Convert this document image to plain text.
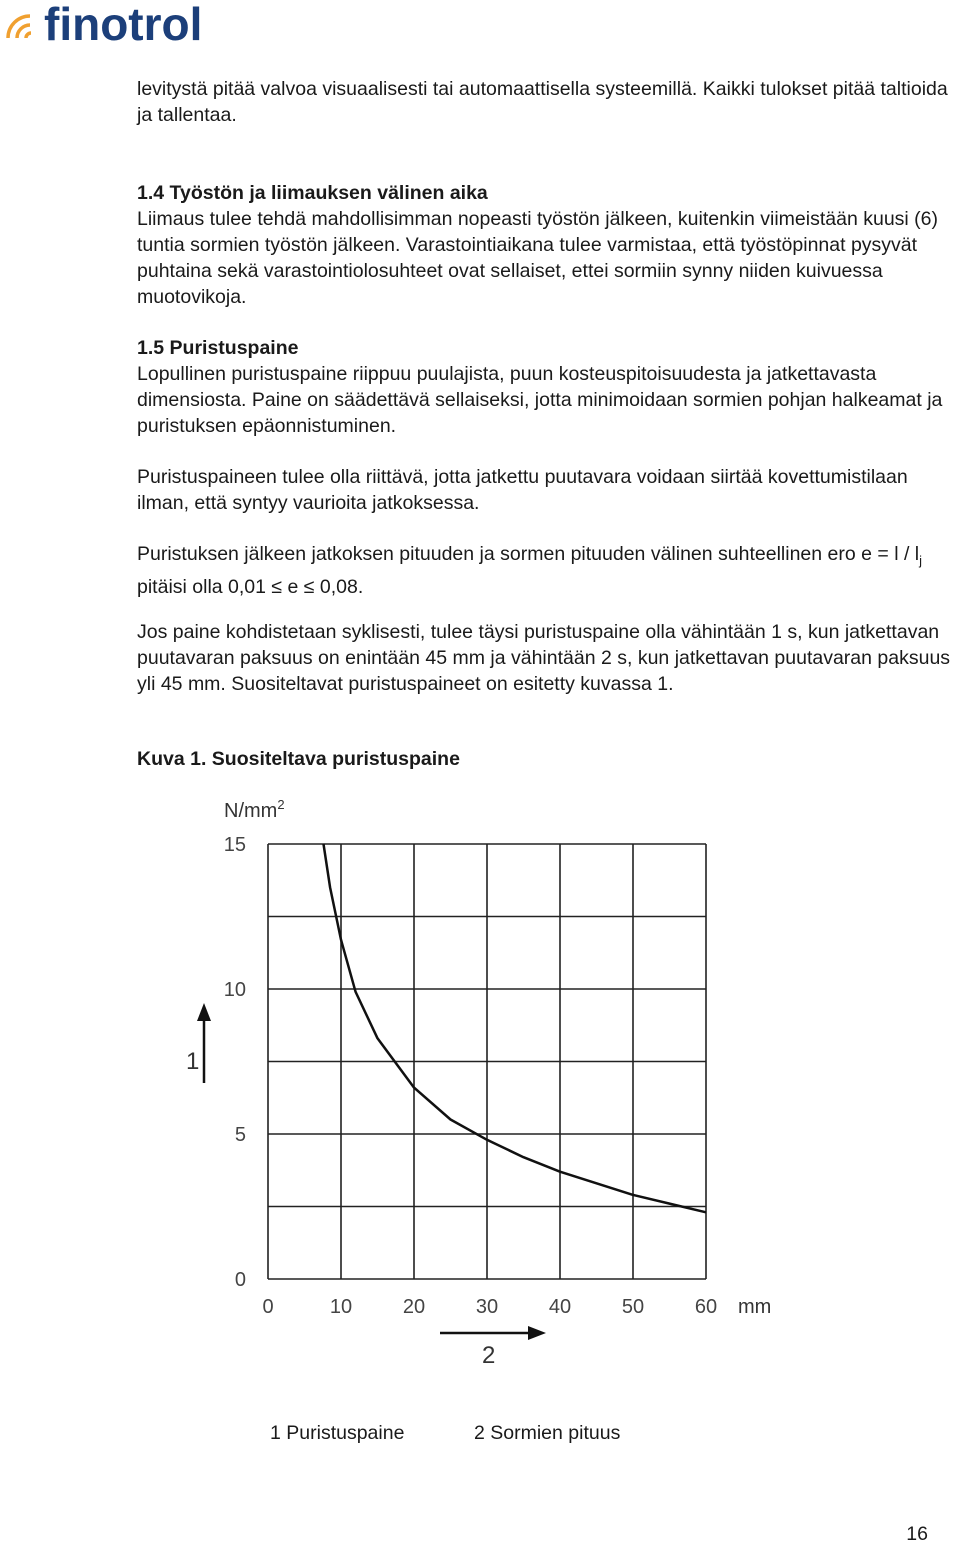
finotrol

levitystä pitää valvoa visuaalisesti tai automaattisella systeemillä. Kaikki tulokset pitää taltioida ja tallentaa.

1.4 Työstön ja liimauksen välinen aika

Liimaus tulee tehdä mahdollisimman nopeasti työstön jälkeen, kuitenkin viimeistään kuusi (6) tuntia sormien työstön jälkeen. Varastointiaikana tulee varmistaa, että työstöpinnat pysyvät puhtaina sekä varastointiolosuhteet ovat sellaiset, ettei sormiin synny niiden kuivuessa muotovikoja.

1.5 Puristuspaine

Lopullinen puristuspaine riippuu puulajista, puun kosteuspitoisuudesta ja jatkettavasta dimensiosta. Paine on säädettävä sellaiseksi, jotta minimoidaan sormien pohjan halkeamat ja puristuksen epäonnistuminen.

Puristuspaineen tulee olla riittävä, jotta jatkettu puutavara voidaan siirtää kovettumistilaan ilman, että syntyy vaurioita jatkoksessa.

Puristuksen jälkeen jatkoksen pituuden ja sormen pituuden välinen suhteellinen ero $e = l / l_j$ pitäisi olla 0,01 ≤ e ≤ 0,08.

Jos paine kohdistetaan syklisesti, tulee täysi puristuspaine olla vähintään 1 s, kun jatkettavan puutavaran paksuus on enintään 45 mm ja vähintään 2 s, kun jatkettavan puutavaran paksuus yli 45 mm. Suositeltavat puristuspaineet on esitetty kuvassa 1.

Kuva 1. Suositeltava puristuspaine
$N/mm^2$
mm
1
2
0	10	20	30	40	50	60
0
5
10
15
1 Puristuspaine	2 Sormien pituus
16
